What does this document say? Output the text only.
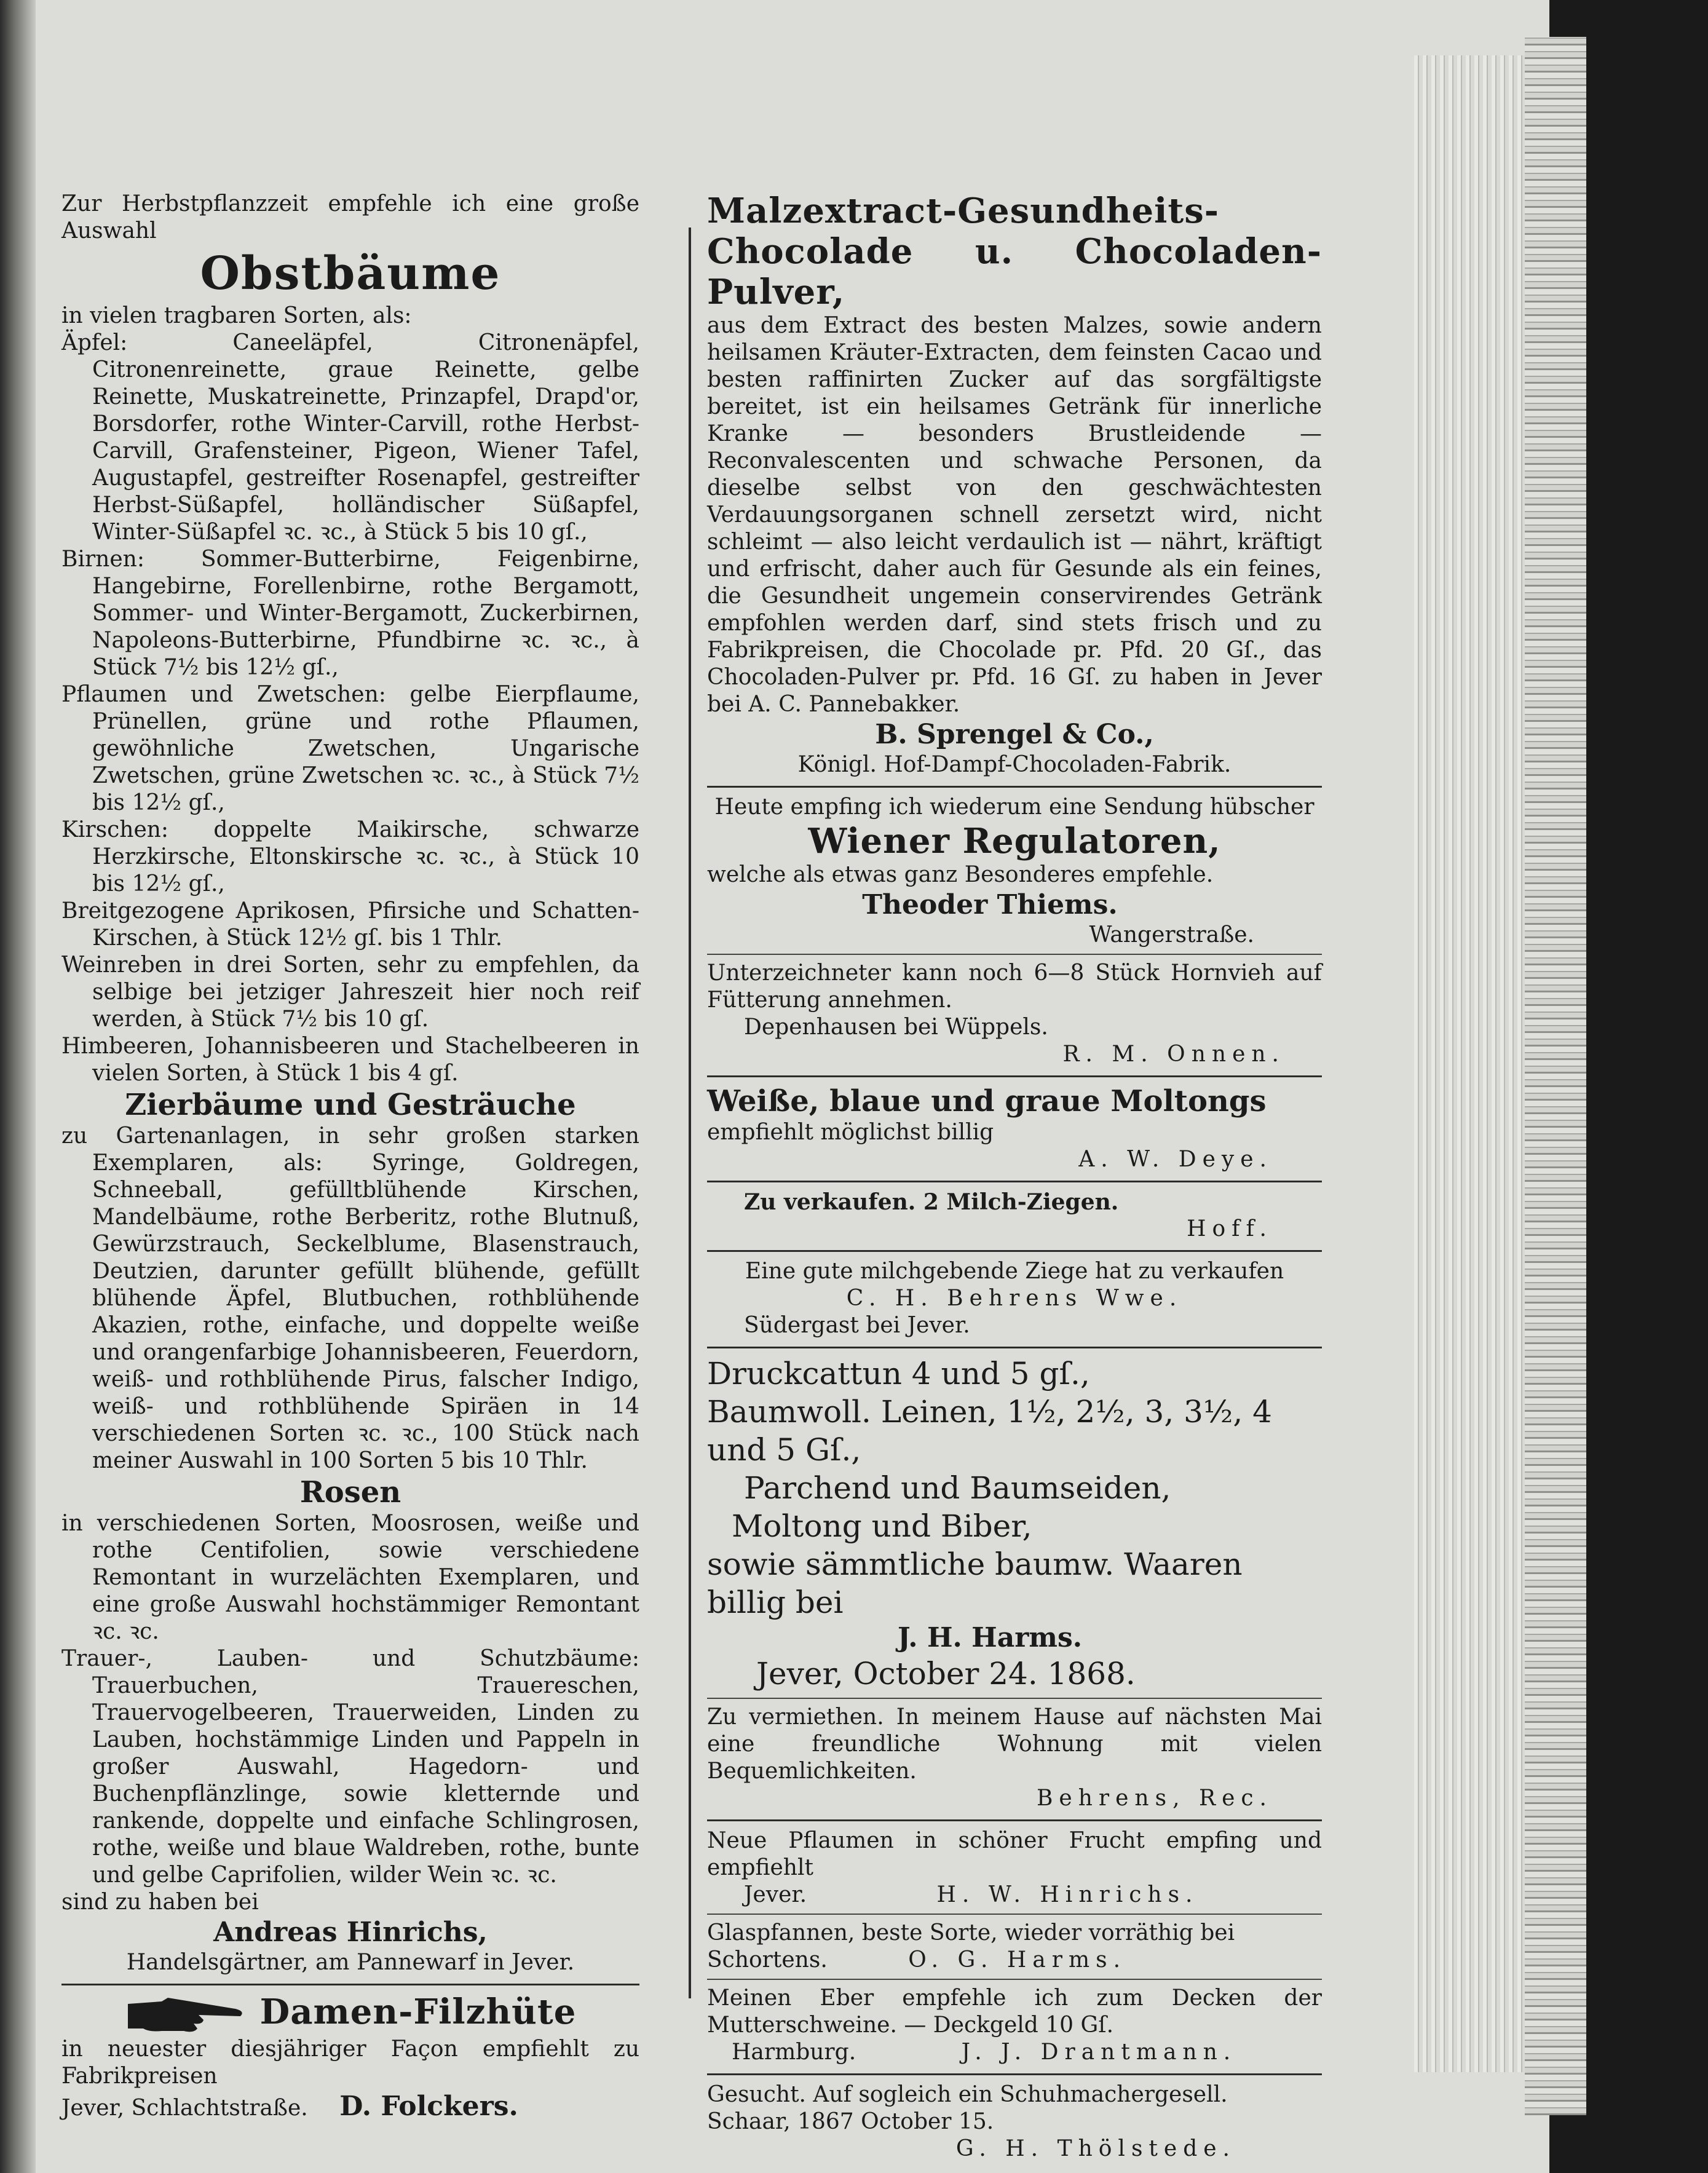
Zur Herbstpflanzzeit empfehle ich eine große Auswahl

Obstbäume

in vielen tragbaren Sorten, als:

Äpfel: Caneeläpfel, Citronenäpfel, Citronenreinette, graue Reinette, gelbe Reinette, Muskatreinette, Prinzapfel, Drapd'or, Borsdorfer, rothe Winter-Carvill, rothe Herbst-Carvill, Grafensteiner, Pigeon, Wiener Tafel, Augustapfel, gestreifter Rosenapfel, gestreifter Herbst-Süßapfel, holländischer Süßapfel, Winter-Süßapfel ꝛc. ꝛc., à Stück 5 bis 10 gſ.,

Birnen: Sommer-Butterbirne, Feigenbirne, Hangebirne, Forellenbirne, rothe Bergamott, Sommer- und Winter-Bergamott, Zuckerbirnen, Napoleons-Butterbirne, Pfundbirne ꝛc. ꝛc., à Stück 7½ bis 12½ gſ.,

Pflaumen und Zwetschen: gelbe Eierpflaume, Prünellen, grüne und rothe Pflaumen, gewöhnliche Zwetschen, Ungarische Zwetschen, grüne Zwetschen ꝛc. ꝛc., à Stück 7½ bis 12½ gſ.,

Kirschen: doppelte Maikirsche, schwarze Herzkirsche, Eltonskirsche ꝛc. ꝛc., à Stück 10 bis 12½ gſ.,

Breitgezogene Aprikosen, Pfirsiche und Schatten-Kirschen, à Stück 12½ gſ. bis 1 Thlr.

Weinreben in drei Sorten, sehr zu empfehlen, da selbige bei jetziger Jahreszeit hier noch reif werden, à Stück 7½ bis 10 gſ.

Himbeeren, Johannisbeeren und Stachelbeeren in vielen Sorten, à Stück 1 bis 4 gſ.

Zierbäume und Gesträuche

zu Gartenanlagen, in sehr großen starken Exemplaren, als: Syringe, Goldregen, Schneeball, gefülltblühende Kirschen, Mandelbäume, rothe Berberitz, rothe Blutnuß, Gewürzstrauch, Seckelblume, Blasenstrauch, Deutzien, darunter gefüllt blühende, gefüllt blühende Äpfel, Blutbuchen, rothblühende Akazien, rothe, einfache, und doppelte weiße und orangenfarbige Johannisbeeren, Feuerdorn, weiß- und rothblühende Pirus, falscher Indigo, weiß- und rothblühende Spiräen in 14 verschiedenen Sorten ꝛc. ꝛc., 100 Stück nach meiner Auswahl in 100 Sorten 5 bis 10 Thlr.

Rosen

in verschiedenen Sorten, Moosrosen, weiße und rothe Centifolien, sowie verschiedene Remontant in wurzelächten Exemplaren, und eine große Auswahl hochstämmiger Remontant ꝛc. ꝛc.

Trauer-, Lauben- und Schutzbäume: Trauerbuchen, Trauereschen, Trauervogelbeeren, Trauerweiden, Linden zu Lauben, hochstämmige Linden und Pappeln in großer Auswahl, Hagedorn- und Buchenpflänzlinge, sowie kletternde und rankende, doppelte und einfache Schlingrosen, rothe, weiße und blaue Waldreben, rothe, bunte und gelbe Caprifolien, wilder Wein ꝛc. ꝛc.

sind zu haben bei

Andreas Hinrichs,

Handelsgärtner, am Pannewarf in Jever.

Damen-Filzhüte

in neuester diesjähriger Façon empfiehlt zu Fabrikpreisen

Jever, Schlachtstraße. D. Folckers.

Malzextract-Gesundheits-Chocolade u. Chocoladen-Pulver,

aus dem Extract des besten Malzes, sowie andern heilsamen Kräuter-Extracten, dem feinsten Cacao und besten raffinirten Zucker auf das sorgfältigste bereitet, ist ein heilsames Getränk für innerliche Kranke — besonders Brustleidende — Reconvalescenten und schwache Personen, da dieselbe selbst von den geschwächtesten Verdauungsorganen schnell zersetzt wird, nicht schleimt — also leicht verdaulich ist — nährt, kräftigt und erfrischt, daher auch für Gesunde als ein feines, die Gesundheit ungemein conservirendes Getränk empfohlen werden darf, sind stets frisch und zu Fabrikpreisen, die Chocolade pr. Pfd. 20 Gſ., das Chocoladen-Pulver pr. Pfd. 16 Gſ. zu haben in Jever bei A. C. Pannebakker.

B. Sprengel & Co.,

Königl. Hof-Dampf-Chocoladen-Fabrik.

Heute empfing ich wiederum eine Sendung hübscher

Wiener Regulatoren,

welche als etwas ganz Besonderes empfehle.

Theoder Thiems.

Wangerstraße.

Unterzeichneter kann noch 6—8 Stück Hornvieh auf Fütterung annehmen.

Depenhausen bei Wüppels.

R. M. Onnen.

Weiße, blaue und graue Moltongs

empfiehlt möglichst billig

A. W. Deye.

Zu verkaufen. 2 Milch-Ziegen.

Hoff.

Eine gute milchgebende Ziege hat zu verkaufen

C. H. Behrens Wwe.

Südergast bei Jever.

Druckcattun 4 und 5 gſ.,

Baumwoll. Leinen, 1½, 2½, 3, 3½, 4 und 5 Gſ.,

Parchend und Baumseiden,

Moltong und Biber,

sowie sämmtliche baumw. Waaren billig bei

J. H. Harms.

Jever, October 24. 1868.

Zu vermiethen. In meinem Hause auf nächsten Mai eine freundliche Wohnung mit vielen Bequemlichkeiten.

Behrens, Rec.

Neue Pflaumen in schöner Frucht empfing und empfiehlt

Jever.	H. W. Hinrichs.

Glaspfannen, beste Sorte, wieder vorräthig bei

Schortens.	O. G. Harms.

Meinen Eber empfehle ich zum Decken der Mutterschweine. — Deckgeld 10 Gſ.

Harmburg.	J. J. Drantmann.

Gesucht. Auf sogleich ein Schuhmachergesell.

Schaar, 1867 October 15.

G. H. Thölstede.
